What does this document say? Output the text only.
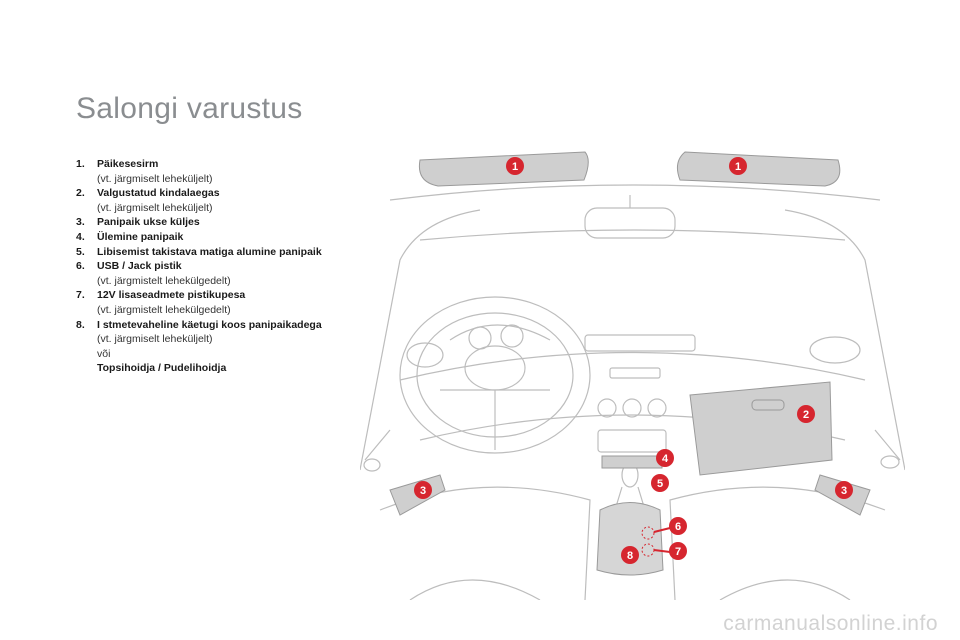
Salongi varustus
1. Päikesesirm
(vt. järgmiselt leheküljelt)
2. Valgustatud kindalaegas
(vt. järgmiselt leheküljelt)
3. Panipaik ukse küljes
4. Ülemine panipaik
5. Libisemist takistava matiga alumine panipaik
6. USB / Jack pistik
(vt. järgmistelt lehekülgedelt)
7. 12V lisaseadmete pistikupesa
(vt. järgmistelt lehekülgedelt)
8. I stmetevaheline käetugi koos panipaikadega
(vt. järgmiselt leheküljelt)
või
Topsihoidja / Pudelihoidja
1	1
2
3	3
4
5
6
7
8
carmanualsonline.info
